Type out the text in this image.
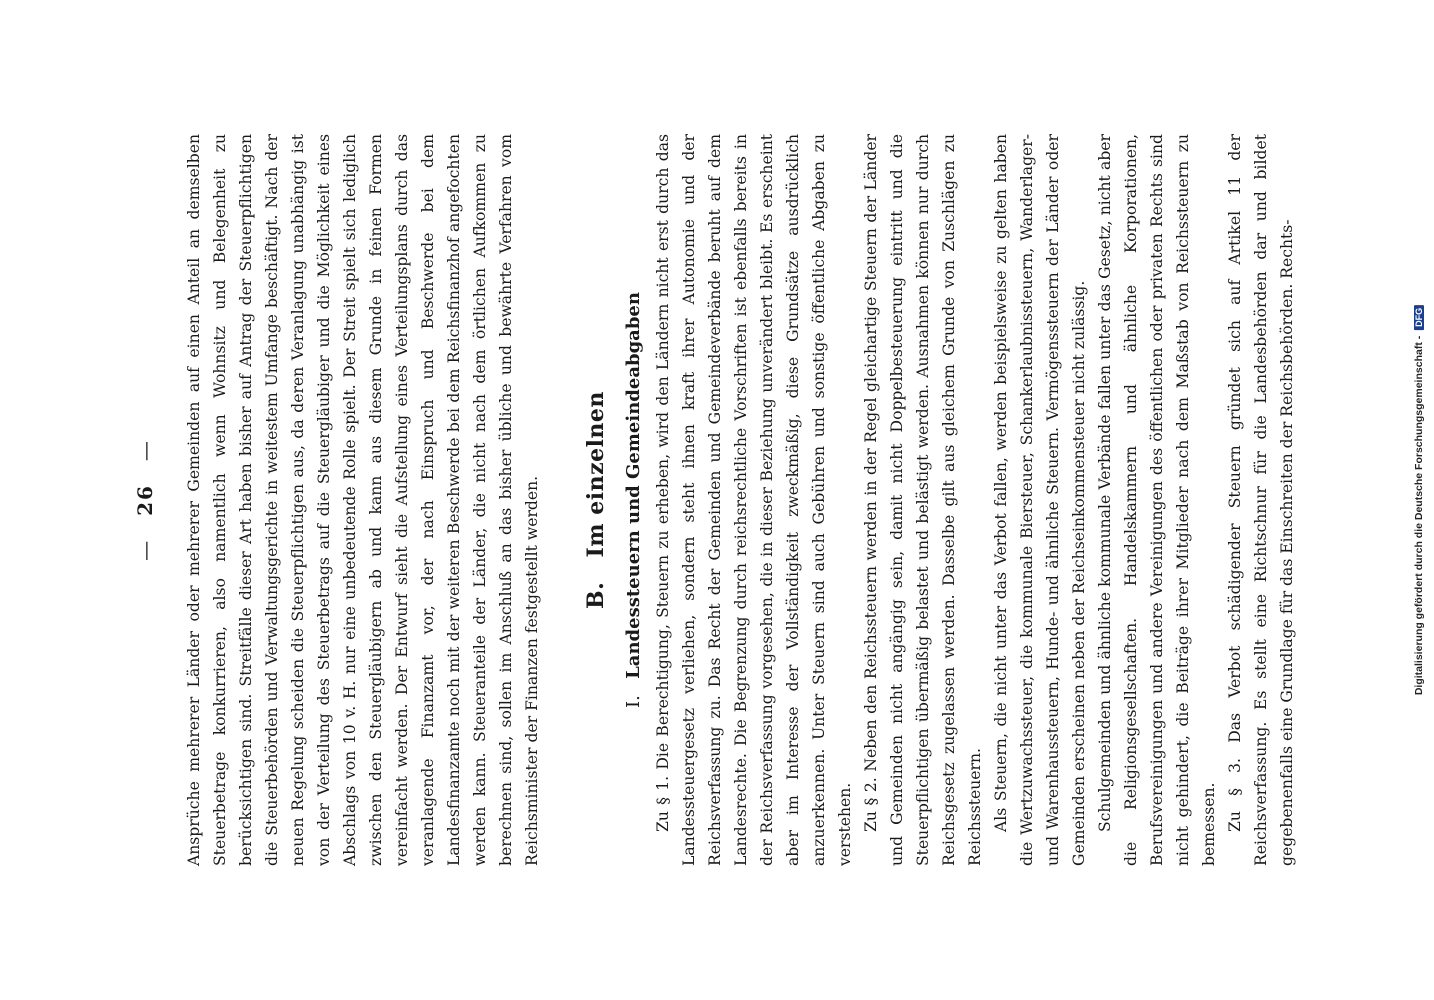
— 26 — Ansprüche mehrerer Länder oder mehrerer Gemeinden auf einen Anteil an demselben Steuerbetrage konkurrieren, also namentlich wenn Wohnsitz und Belegenheit zu berücksichtigen sind. Streitfälle dieser Art haben bisher auf Antrag der Steuerpflichtigen die Steuerbehörden und Verwaltungsgerichte in weitestem Umfange beschäftigt. Nach der neuen Regelung scheiden die Steuerpflichtigen aus, da deren Veranlagung unabhängig ist von der Verteilung des Steuerbetrags auf die Steuergläubiger und die Möglichkeit eines Abschlags von 10 v. H. nur eine unbedeutende Rolle spielt. Der Streit spielt sich lediglich zwischen den Steuergläubigern ab und kann aus diesem Grunde in feinen Formen vereinfacht werden. Der Entwurf sieht die Aufstellung eines Verteilungsplans durch das veranlagende Finanzamt vor, der nach Einspruch und Beschwerde bei dem Landesfinanzamte noch mit der weiteren Beschwerde bei dem Reichsfinanzhof angefochten werden kann. Steueranteile der Länder, die nicht nach dem örtlichen Aufkommen zu berechnen sind, sollen im Anschluß an das bisher übliche und bewährte Verfahren vom Reichsminister der Finanzen festgestellt werden. B. Im einzelnen
I. Landessteuern und Gemeindeabgaben

Zu § 1. Die Berechtigung, Steuern zu erheben, wird den Ländern nicht erst durch das Landessteuergesetz verliehen, sondern steht ihnen kraft ihrer Autonomie und der Reichsverfassung zu. Das Recht der Gemeinden und Gemeindeverbände beruht auf dem Landesrechte. Die Begrenzung durch reichsrechtliche Vorschriften ist ebenfalls bereits in der Reichsverfassung vorgesehen, die in dieser Beziehung unverändert bleibt. Es erscheint aber im Interesse der Vollständigkeit zweckmäßig, diese Grundsätze ausdrücklich anzuerkennen. Unter Steuern sind auch Gebühren und sonstige öffentliche Abgaben zu verstehen. Zu § 2. Neben den Reichssteuern werden in der Regel gleichartige Steuern der Länder und Gemeinden nicht angängig sein, damit nicht Doppelbesteuerung eintritt und die Steuerpflichtigen übermäßig belastet und belästigt werden. Ausnahmen können nur durch Reichsgesetz zugelassen werden. Dasselbe gilt aus gleichem Grunde von Zuschlägen zu Reichssteuern. Als Steuern, die nicht unter das Verbot fallen, werden beispielsweise zu gelten haben die Wertzuwachssteuer, die kommunale Biersteuer, Schankerlaubnissteuern, Wanderlager- und Warenhaussteuern, Hunde- und ähnliche Steuern. Vermögenssteuern der Länder oder Gemeinden erscheinen neben der Reichseinkommensteuer nicht zulässig. Schulgemeinden und ähnliche kommunale Verbände fallen unter das Gesetz, nicht aber die Religionsgesellschaften. Handelskammern und ähnliche Korporationen, Berufsvereinigungen und andere Vereinigungen des öffentlichen oder privaten Rechts sind nicht gehindert, die Beiträge ihrer Mitglieder nach dem Maßstab von Reichssteuern zu bemessen. Zu § 3. Das Verbot schädigender Steuern gründet sich auf Artikel 11 der Reichsverfassung. Es stellt eine Richtschnur für die Landesbehörden dar und bildet gegebenenfalls eine Grundlage für das Einschreiten der Reichsbehörden. Rechts-	Digitalisierung gefördert durch die Deutsche Forschungsgemeinschaft - DFG
